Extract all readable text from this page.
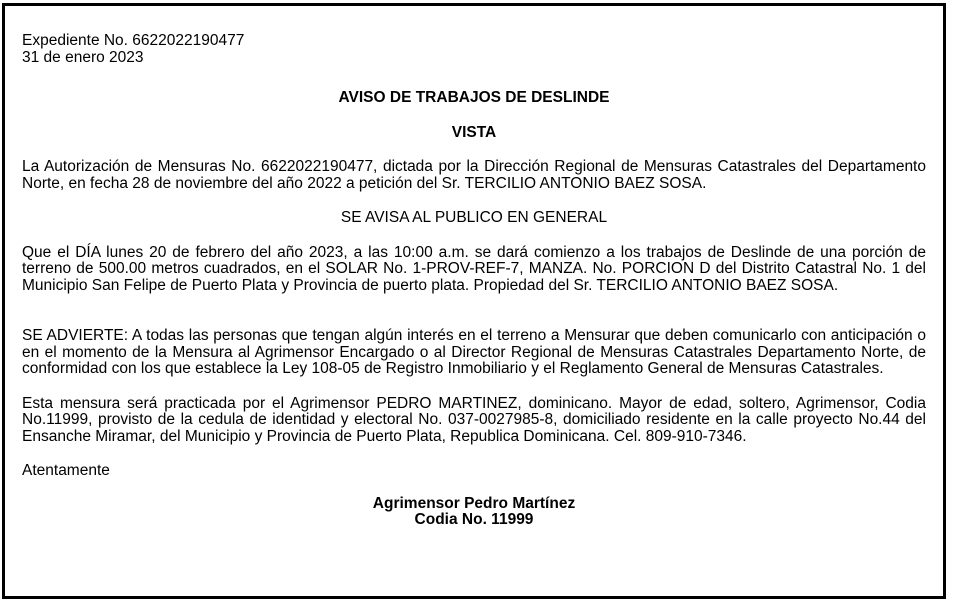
Expediente No. 6622022190477
31 de enero 2023
AVISO DE TRABAJOS DE DESLINDE
VISTA

La Autorización de Mensuras No. 6622022190477, dictada por la Dirección Regional de Mensuras Catastrales del Departamento Norte, en fecha 28 de noviembre del año 2022 a petición del Sr. TERCILIO ANTONIO BAEZ SOSA.

SE AVISA AL PUBLICO EN GENERAL

Que el DÍA lunes 20 de febrero del año 2023, a las 10:00 a.m. se dará comienzo a los trabajos de Deslinde de una porción de terreno de 500.00 metros cuadrados, en el SOLAR No. 1-PROV-REF-7, MANZA. No. PORCION D del Distrito Catastral No. 1 del Municipio San Felipe de Puerto Plata y Provincia de puerto plata. Propiedad del Sr. TERCILIO ANTONIO BAEZ SOSA.

SE ADVIERTE: A todas las personas que tengan algún interés en el terreno a Mensurar que deben comunicarlo con anticipación o en el momento de la Mensura al Agrimensor Encargado o al Director Regional de Mensuras Catastrales Departamento Norte, de conformidad con los que establece la Ley 108-05 de Registro Inmobiliario y el Reglamento General de Mensuras Catastrales.

Esta mensura será practicada por el Agrimensor PEDRO MARTINEZ, dominicano. Mayor de edad, soltero, Agrimensor, Codia No.11999, provisto de la cedula de identidad y electoral No. 037-0027985-8, domiciliado residente en la calle proyecto No.44 del Ensanche Miramar, del Municipio y Provincia de Puerto Plata, Republica Dominicana. Cel. 809-910-7346.

Atentamente
Agrimensor Pedro Martínez
Codia No. 11999
